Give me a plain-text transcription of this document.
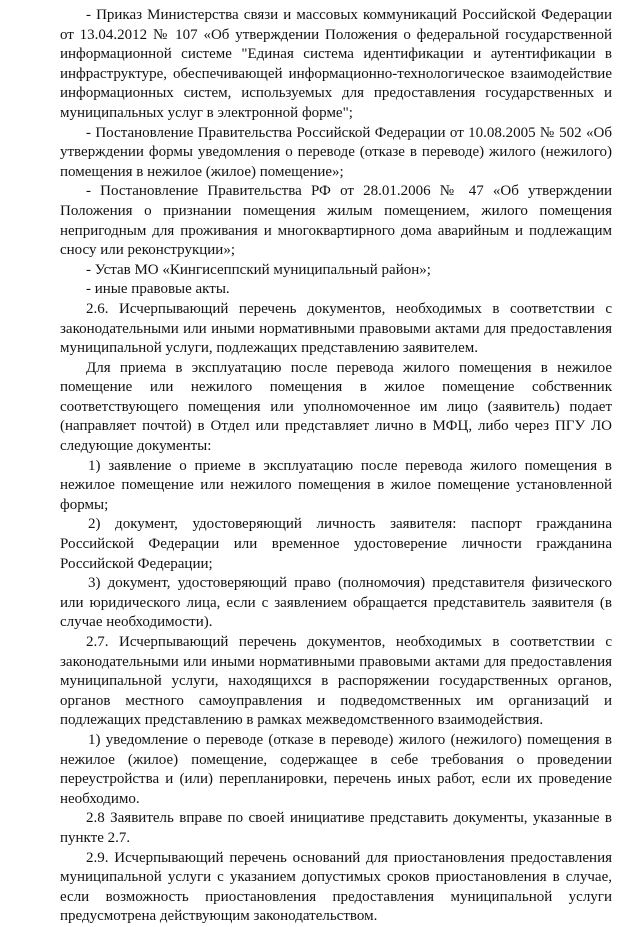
- Приказ Министерства связи и массовых коммуникаций Российской Федерации от 13.04.2012 № 107 «Об утверждении Положения о федеральной государственной информационной системе "Единая система идентификации и аутентификации в инфраструктуре, обеспечивающей информационно-технологическое взаимодействие информационных систем, используемых для предоставления государственных и муниципальных услуг в электронной форме";

- Постановление Правительства Российской Федерации от 10.08.2005 № 502 «Об утверждении формы уведомления о переводе (отказе в переводе) жилого (нежилого) помещения в нежилое (жилое) помещение»;

- Постановление Правительства РФ от 28.01.2006 № 47 «Об утверждении Положения о признании помещения жилым помещением, жилого помещения непригодным для проживания и многоквартирного дома аварийным и подлежащим сносу или реконструкции»;

- Устав МО «Кингисеппский муниципальный район»;

- иные правовые акты.

2.6. Исчерпывающий перечень документов, необходимых в соответствии с законодательными или иными нормативными правовыми актами для предоставления муниципальной услуги, подлежащих представлению заявителем.

Для приема в эксплуатацию после перевода жилого помещения в нежилое помещение или нежилого помещения в жилое помещение собственник соответствующего помещения или уполномоченное им лицо (заявитель) подает (направляет почтой) в Отдел или представляет лично в МФЦ, либо через ПГУ ЛО следующие документы:

1) заявление о приеме в эксплуатацию после перевода жилого помещения в нежилое помещение или нежилого помещения в жилое помещение установленной формы;

2) документ, удостоверяющий личность заявителя: паспорт гражданина Российской Федерации или временное удостоверение личности гражданина Российской Федерации;

3) документ, удостоверяющий право (полномочия) представителя физического или юридического лица, если с заявлением обращается представитель заявителя (в случае необходимости).

2.7. Исчерпывающий перечень документов, необходимых в соответствии с законодательными или иными нормативными правовыми актами для предоставления муниципальной услуги, находящихся в распоряжении государственных органов, органов местного самоуправления и подведомственных им организаций и подлежащих представлению в рамках межведомственного взаимодействия.

1) уведомление о переводе (отказе в переводе) жилого (нежилого) помещения в нежилое (жилое) помещение, содержащее в себе требования о проведении переустройства и (или) перепланировки, перечень иных работ, если их проведение необходимо.

2.8 Заявитель вправе по своей инициативе представить документы, указанные в пункте 2.7.

2.9. Исчерпывающий перечень оснований для приостановления предоставления муниципальной услуги с указанием допустимых сроков приостановления в случае, если возможность приостановления предоставления муниципальной услуги предусмотрена действующим законодательством.
